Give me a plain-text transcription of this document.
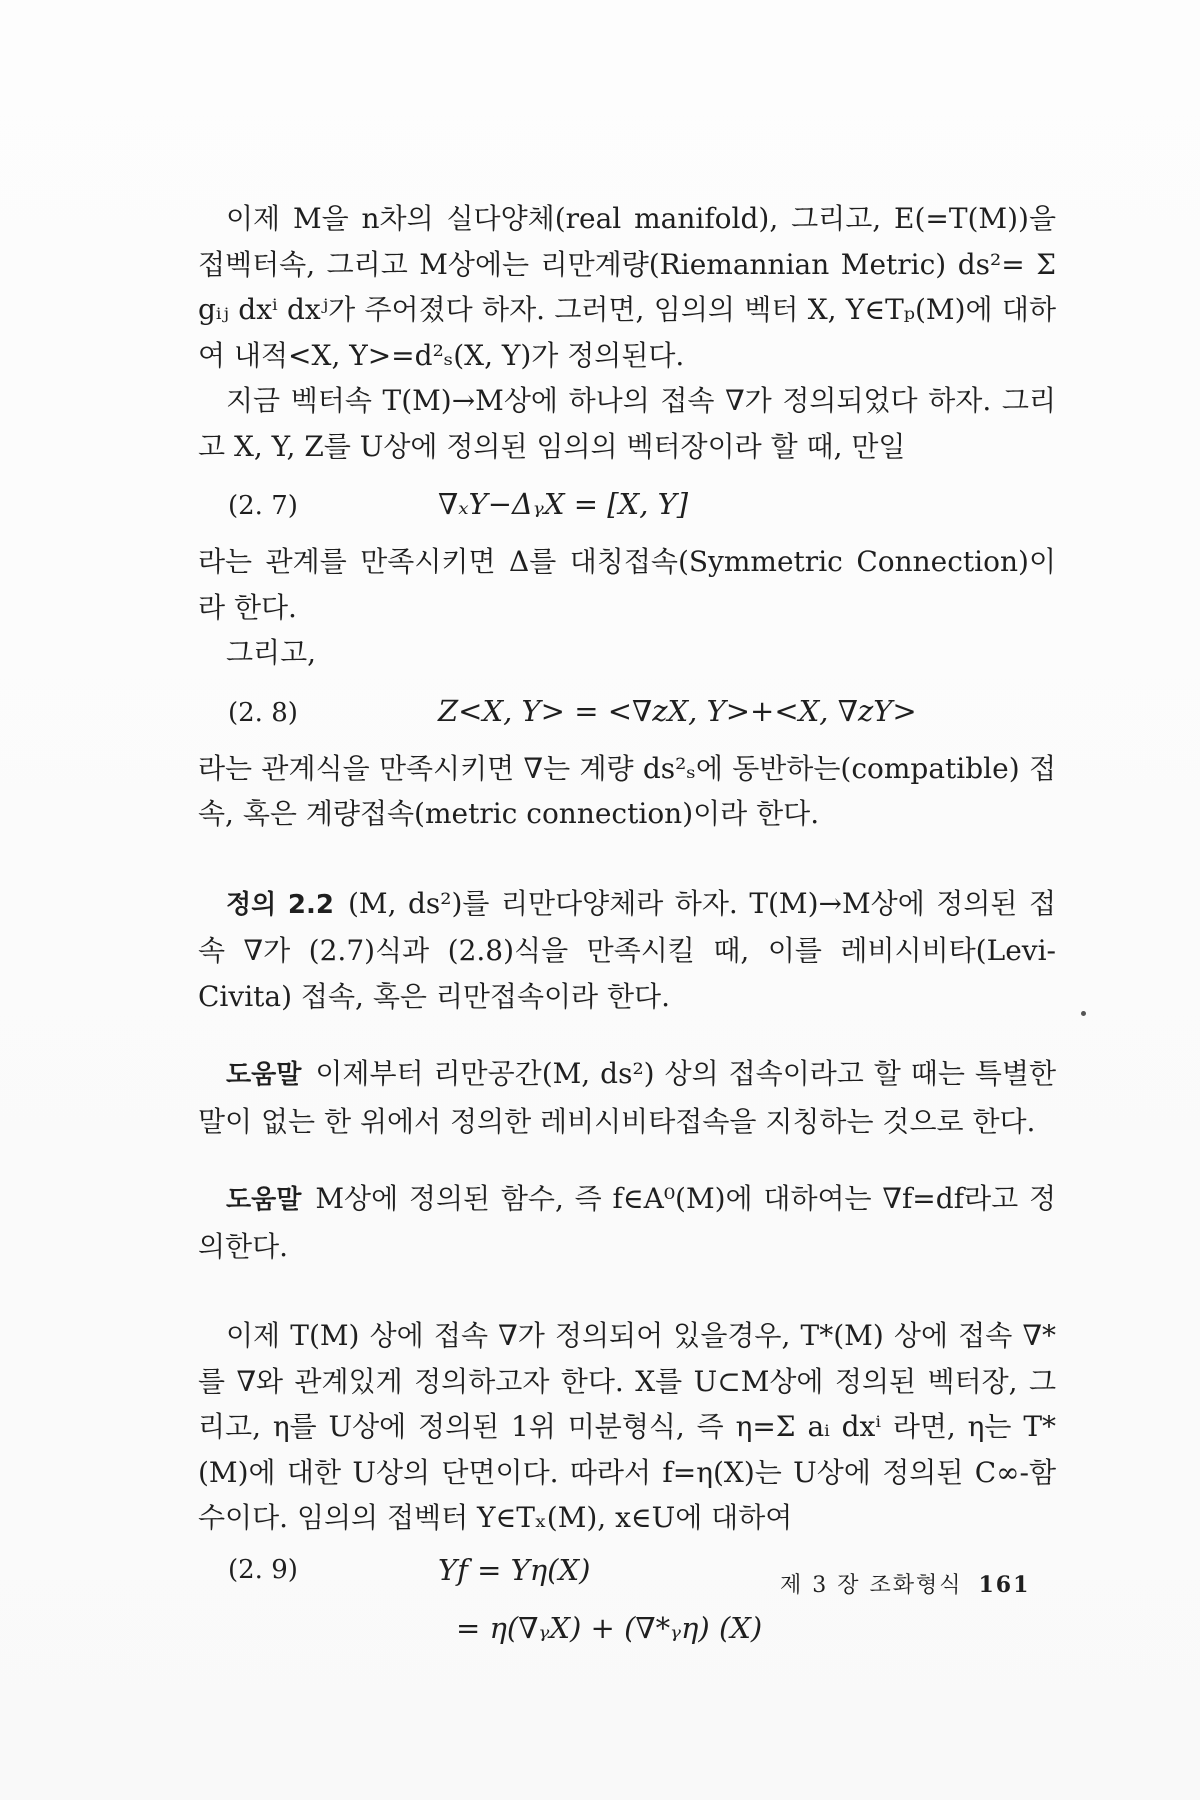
이제 M을 n차의 실다양체(real manifold), 그리고, E(=T(M))을 접벡터속, 그리고 M상에는 리만계량(Riemannian Metric) ds²= Σ gᵢⱼ dxⁱ dxʲ가 주어졌다 하자. 그러면, 임의의 벡터 X, Y∈Tₚ(M)에 대하여 내적<X, Y>=d²ₛ(X, Y)가 정의된다.

지금 벡터속 T(M)→M상에 하나의 접속 ∇가 정의되었다 하자. 그리고 X, Y, Z를 U상에 정의된 임의의 벡터장이라 할 때, 만일

(2. 7)	∇ₓY−ΔᵧX = [X, Y]

라는 관계를 만족시키면 Δ를 대칭접속(Symmetric Connection)이라 한다.

그리고,

(2. 8)	Z<X, Y> = <∇zX, Y>+<X, ∇zY>

라는 관계식을 만족시키면 ∇는 계량 ds²ₛ에 동반하는(compatible) 접속, 혹은 계량접속(metric connection)이라 한다.

정의 2.2 (M, ds²)를 리만다양체라 하자. T(M)→M상에 정의된 접속 ∇가 (2.7)식과 (2.8)식을 만족시킬 때, 이를 레비시비타(Levi-Civita) 접속, 혹은 리만접속이라 한다.

도움말 이제부터 리만공간(M, ds²) 상의 접속이라고 할 때는 특별한 말이 없는 한 위에서 정의한 레비시비타접속을 지칭하는 것으로 한다.

도움말 M상에 정의된 함수, 즉 f∈A⁰(M)에 대하여는 ∇f=df라고 정의한다.

이제 T(M) 상에 접속 ∇가 정의되어 있을경우, T*(M) 상에 접속 ∇*를 ∇와 관계있게 정의하고자 한다. X를 U⊂M상에 정의된 벡터장, 그리고, η를 U상에 정의된 1위 미분형식, 즉 η=Σ aᵢ dxⁱ 라면, η는 T*(M)에 대한 U상의 단면이다. 따라서 f=η(X)는 U상에 정의된 C∞-함수이다. 임의의 접벡터 Y∈Tₓ(M), x∈U에 대하여

(2. 9)	Yf = Yη(X)
= η(∇ᵧX) + (∇*ᵧη) (X)
제 3 장 조화형식 161
